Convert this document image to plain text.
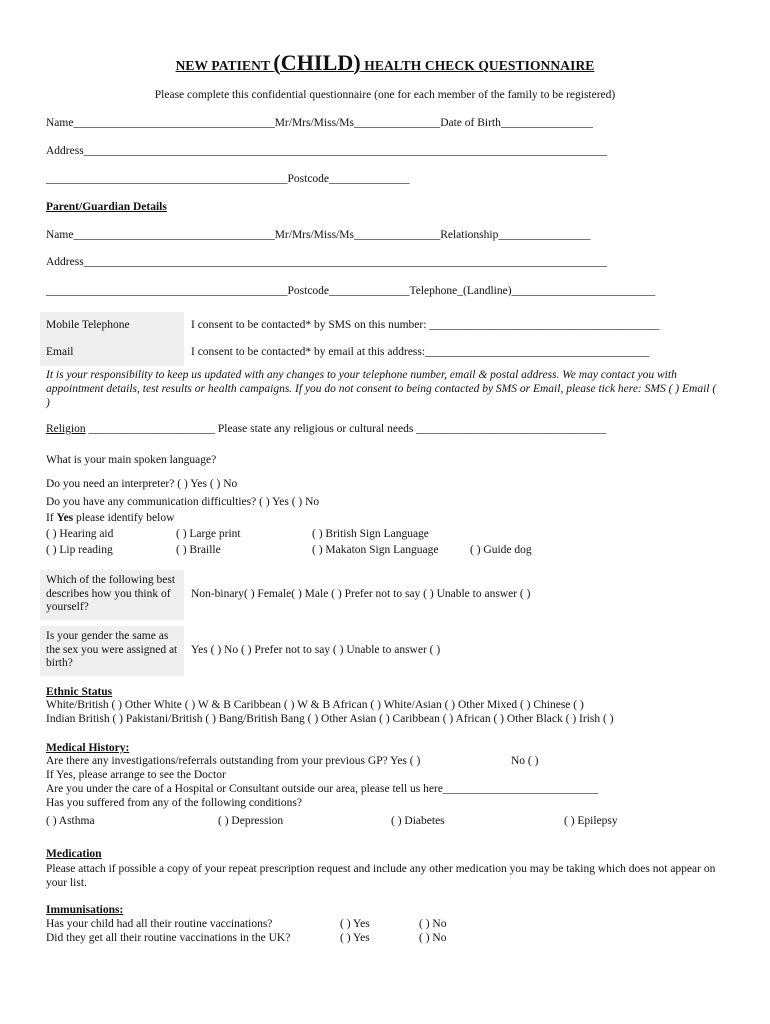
NEW PATIENT (CHILD) HEALTH CHECK QUESTIONNAIRE
Please complete this confidential questionnaire (one for each member of the family to be registered)
Name___________________________________Mr/Mrs/Miss/Ms_______________Date of Birth________________
Address___________________________________________________________________________________________
__________________________________________Postcode______________
Parent/Guardian Details
Name___________________________________Mr/Mrs/Miss/Ms_______________Relationship________________
Address___________________________________________________________________________________________
__________________________________________Postcode______________Telephone_(Landline)_________________________
Mobile Telephone	I consent to be contacted* by SMS on this number: ________________________________________
Email	I consent to be contacted* by email at this address:_______________________________________
It is your responsibility to keep us updated with any changes to your telephone number, email & postal address. We may contact you with appointment details, test results or health campaigns. If you do not consent to being contacted by SMS or Email, please tick here: SMS ( ) Email ( )
Religion ______________________ Please state any religious or cultural needs _________________________________
What is your main spoken language?
Do you need an interpreter? ( ) Yes ( ) No
Do you have any communication difficulties? ( ) Yes ( ) No
If Yes please identify below
( ) Hearing aid	( ) Large print	( ) British Sign Language
( ) Lip reading	( ) Braille	( ) Makaton Sign Language	( ) Guide dog
Which of the following best describes how you think of yourself?
Non-binary( ) Female( ) Male ( ) Prefer not to say ( ) Unable to answer ( )
Is your gender the same as the sex you were assigned at birth?
Yes ( ) No ( ) Prefer not to say ( ) Unable to answer ( )
Ethnic Status
White/British ( ) Other White ( ) W & B Caribbean ( ) W & B African ( ) White/Asian ( ) Other Mixed ( ) Chinese ( )
Indian British ( ) Pakistani/British ( ) Bang/British Bang ( ) Other Asian ( ) Caribbean ( ) African ( ) Other Black ( ) Irish ( )
Medical History:
Are there any investigations/referrals outstanding from your previous GP? Yes ( )	No ( )
If Yes, please arrange to see the Doctor
Are you under the care of a Hospital or Consultant outside our area, please tell us here___________________________
Has you suffered from any of the following conditions?
( ) Asthma	( ) Depression	( ) Diabetes	( ) Epilepsy
Medication
Please attach if possible a copy of your repeat prescription request and include any other medication you may be taking which does not appear on your list.
Immunisations:
Has your child had all their routine vaccinations?	( ) Yes	( ) No
Did they get all their routine vaccinations in the UK?	( ) Yes	( ) No
